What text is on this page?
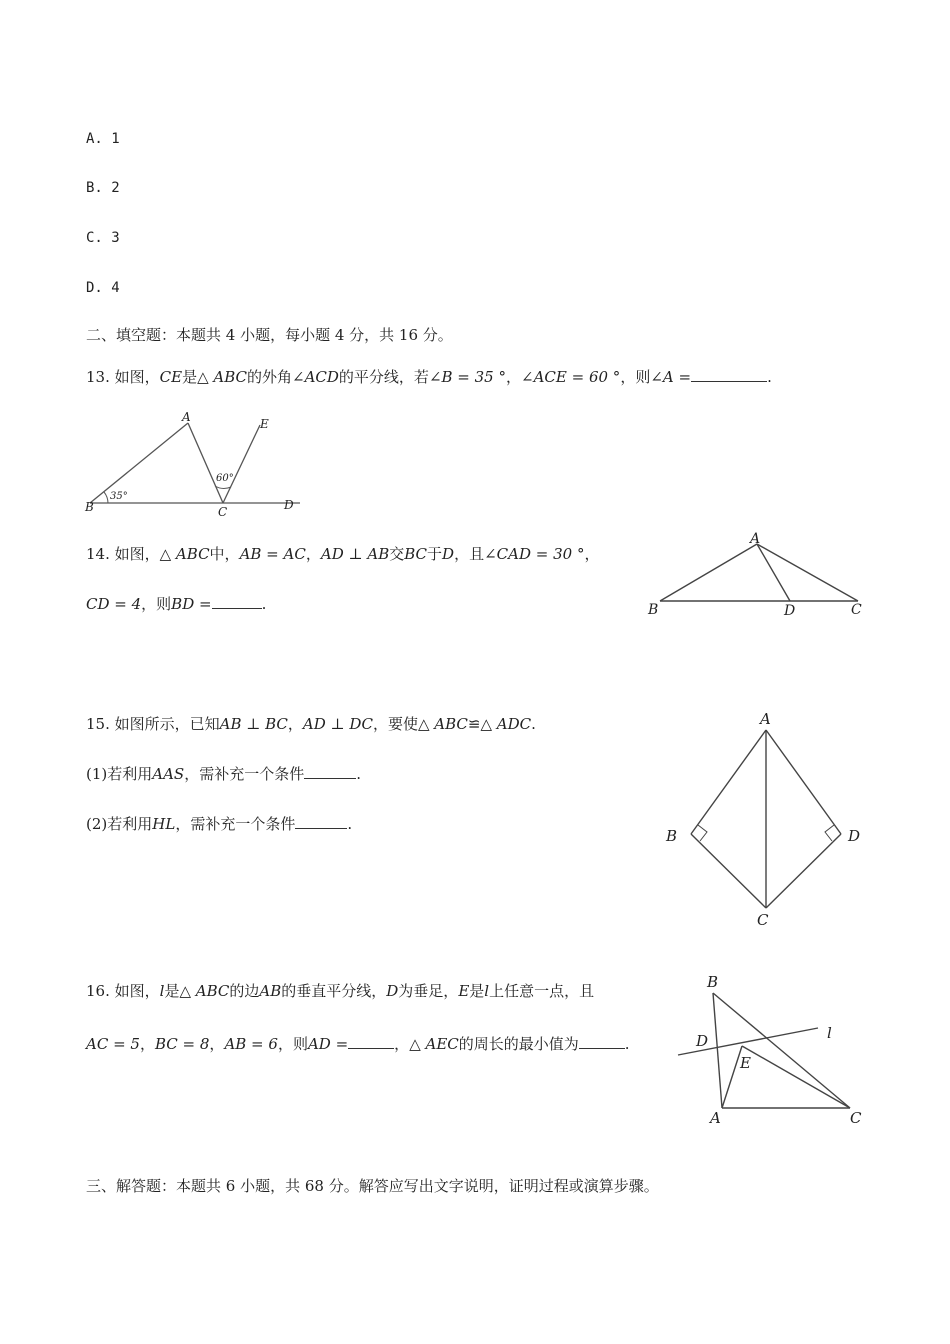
A. 1
B. 2
C. 3
D. 4
二、填空题：本题共 4 小题，每小题 4 分，共 16 分。
13. 如图，CE是△ ABC的外角∠ACD的平分线，若∠B = 35 °，∠ACE = 60 °，则∠A =	.
A	E
B	C	D
35°
60°
14. 如图，△ ABC中，AB = AC，AD ⊥ AB交BC于D，且∠CAD = 30 °，
CD = 4，则BD =	.
A
B	D	C
15. 如图所示，已知AB ⊥ BC，AD ⊥ DC，要使△ ABC≌△ ADC.
(1)若利用AAS，需补充一个条件	.
(2)若利用HL，需补充一个条件	.
A
B	D
C
16. 如图，l是△ ABC的边AB的垂直平分线，D为垂足，E是l上任意一点，且
AC = 5，BC = 8，AB = 6，则AD =	，△ AEC的周长的最小值为	.
B
D
E
l
A	C
三、解答题：本题共 6 小题，共 68 分。解答应写出文字说明，证明过程或演算步骤。
